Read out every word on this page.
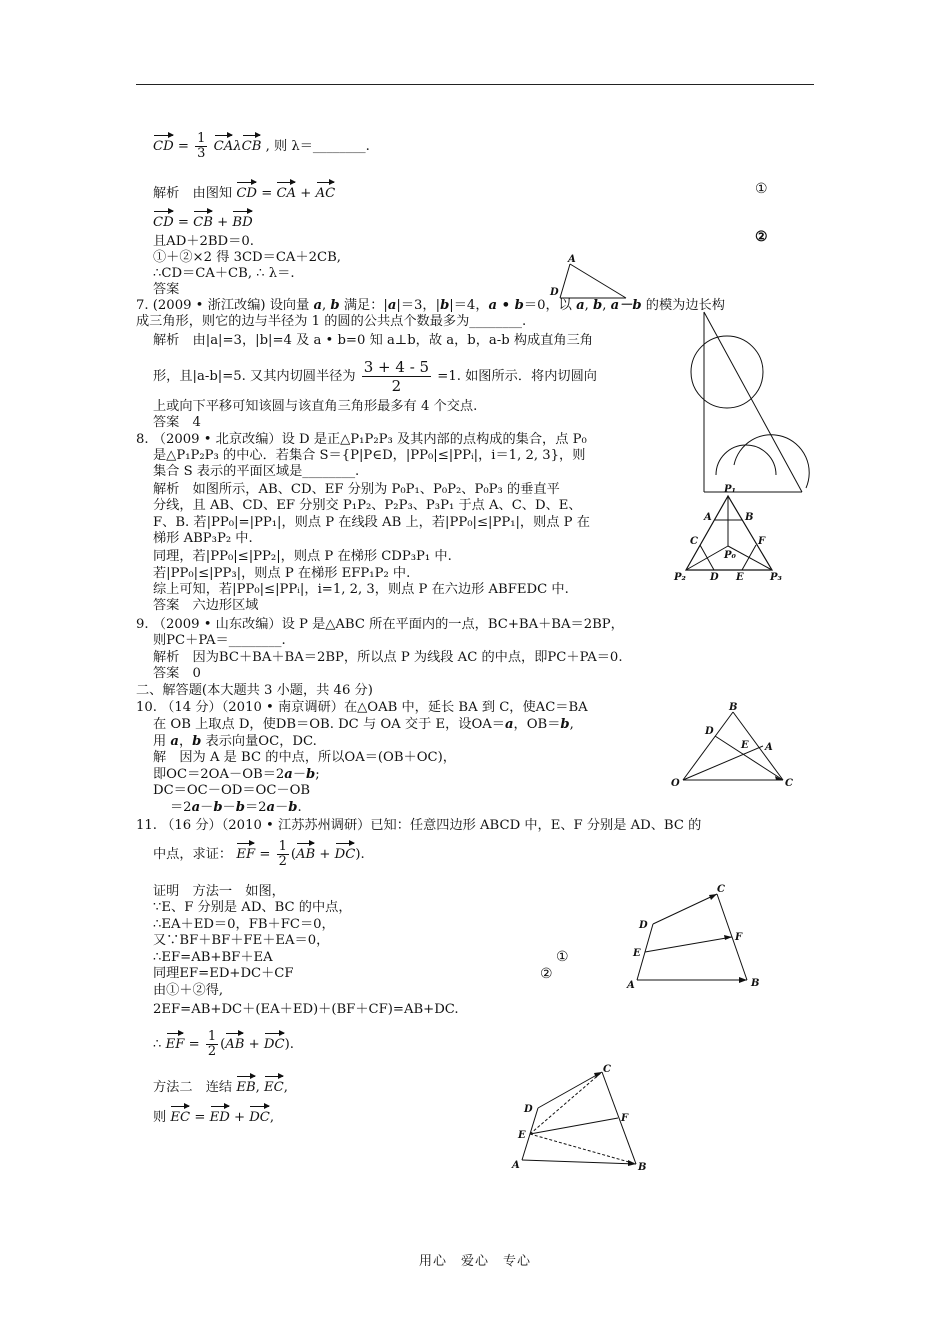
CD = $\frac{1}{3}$ CAλCB , 则 λ＝________.
解析　由图知 CD = CA + AC	①
CD = CB + BD
②
且AD＋2BD＝0.
①＋②×2 得 3CD＝CA＋2CB,
∴CD＝CA＋CB, ∴ λ＝.
答案
A
D
7. (2009 • 浙江改编) 设向量 a, b 满足：|a|＝3，|b|＝4，a • b＝0，以 a, b, a－b 的模为边长构
成三角形，则它的边与半径为 1 的圆的公共点个数最多为________.
解析　由|a|=3，|b|=4 及 a • b=0 知 a⊥b，故 a，b，a-b 构成直角三角
形，且|a-b|=5. 又其内切圆半径为 $\frac{3 + 4 - 5}{2} =1$. 如图所示．将内切圆向
上或向下平移可知该圆与该直角三角形最多有 4 个交点.
答案　4
8. （2009 • 北京改编）设 D 是正△P₁P₂P₃ 及其内部的点构成的集合，点 P₀
是△P₁P₂P₃ 的中心．若集合 S＝{P|P∈D，|PP₀|≤|PPᵢ|，i＝1, 2, 3}，则
集合 S 表示的平面区域是________.
解析　如图所示，AB、CD、EF 分别为 P₀P₁、P₀P₂、P₀P₃ 的垂直平
分线，且 AB、CD、EF 分别交 P₁P₂、P₂P₃、P₃P₁ 于点 A、C、D、E、
F、B. 若|PP₀|=|PP₁|，则点 P 在线段 AB 上，若|PP₀|≤|PP₁|，则点 P 在
梯形 ABP₃P₂ 中.
同理，若|PP₀|≤|PP₂|，则点 P 在梯形 CDP₃P₁ 中.
若|PP₀|≤|PP₃|，则点 P 在梯形 EFP₁P₂ 中.
综上可知，若|PP₀|≤|PPᵢ|，i=1, 2, 3，则点 P 在六边形 ABFEDC 中.
答案　六边形区域
P₁
A	B
C	F
P₀
P₂ D E	P₃
9. （2009 • 山东改编）设 P 是△ABC 所在平面内的一点，BC+BA＋BA＝2BP，
则PC＋PA＝________.
解析　因为BC＋BA＋BA＝2BP，所以点 P 为线段 AC 的中点，即PC＋PA＝0.
答案　0
二、解答题(本大题共 3 小题，共 46 分)
10. （14 分）（2010 • 南京调研）在△OAB 中，延长 BA 到 C，使AC＝BA
在 OB 上取点 D，使DB＝OB. DC 与 OA 交于 E，设OA＝a，OB＝b,
用 a，b 表示向量OC，DC.
解　因为 A 是 BC 的中点，所以OA＝(OB＋OC)，
即OC＝2OA－OB＝2a－b;
DC＝OC－OD＝OC－OB
＝2a－b－b＝2a－b.
B
D
E A
O	C
11. （16 分）（2010 • 江苏苏州调研）已知：任意四边形 ABCD 中，E、F 分别是 AD、BC 的
中点，求证： EF = $\frac{1}{2} (AB + DC)$.
证明　方法一　如图，
∵E、F 分别是 AD、BC 的中点，
∴EA＋ED＝0，FB＋FC＝0，
又∵BF＋BF＋FE＋EA＝0，
∴EF=AB+BF＋EA
同理EF=ED+DC＋CF
由①＋②得,
2EF=AB+DC＋(EA＋ED)＋(BF＋CF)=AB+DC.
①
②
∴ EF = $\frac{1}{2} (AB + DC)$.
方法二　连结 EB, EC,
则 EC = ED + DC,
C
D
F
E
A	B
C
D
F
E
A	B
用心　爱心　专心
